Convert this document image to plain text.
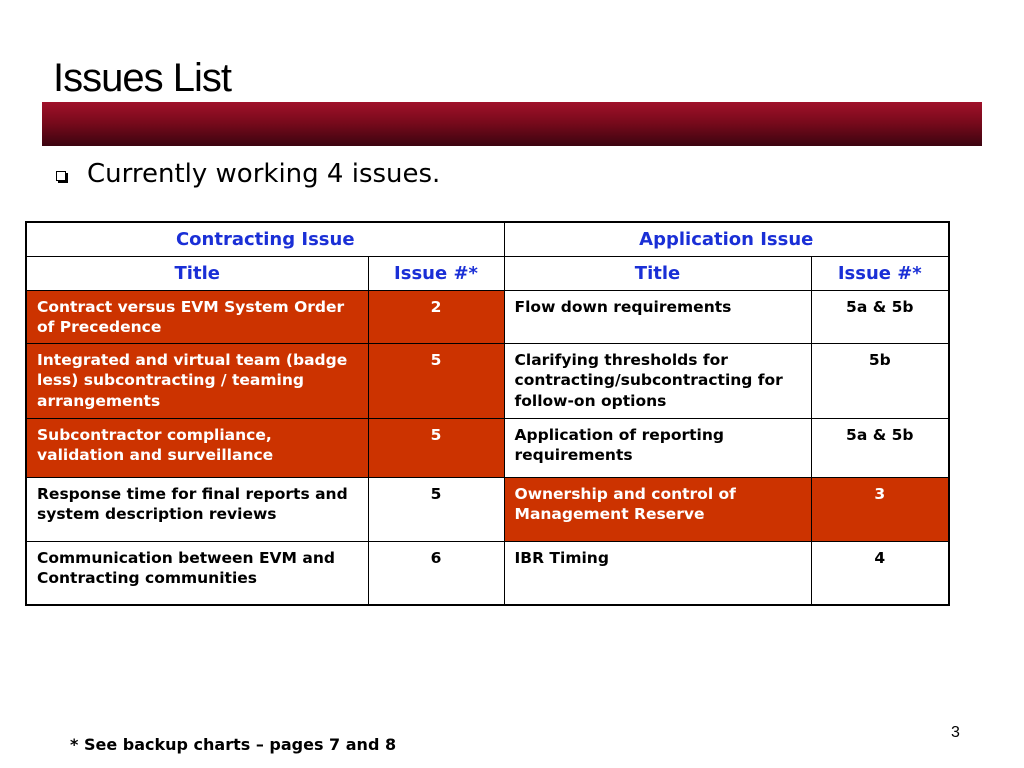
Issues List
Currently working 4 issues.
Contracting Issue		Application Issue	
Title	Issue #*	Title	Issue #*
Contract versus EVM System Order of Precedence	2	Flow down requirements	5a & 5b
Integrated and virtual team (badge less) subcontracting / teaming arrangements	5	Clarifying thresholds for contracting/subcontracting for follow-on options	5b
Subcontractor compliance, validation and surveillance	5	Application of reporting requirements	5a & 5b
Response time for final reports and system description reviews	5	Ownership and control of Management Reserve	3
Communication between EVM and Contracting communities	6	IBR Timing	4
* See backup charts – pages 7 and 8
3
